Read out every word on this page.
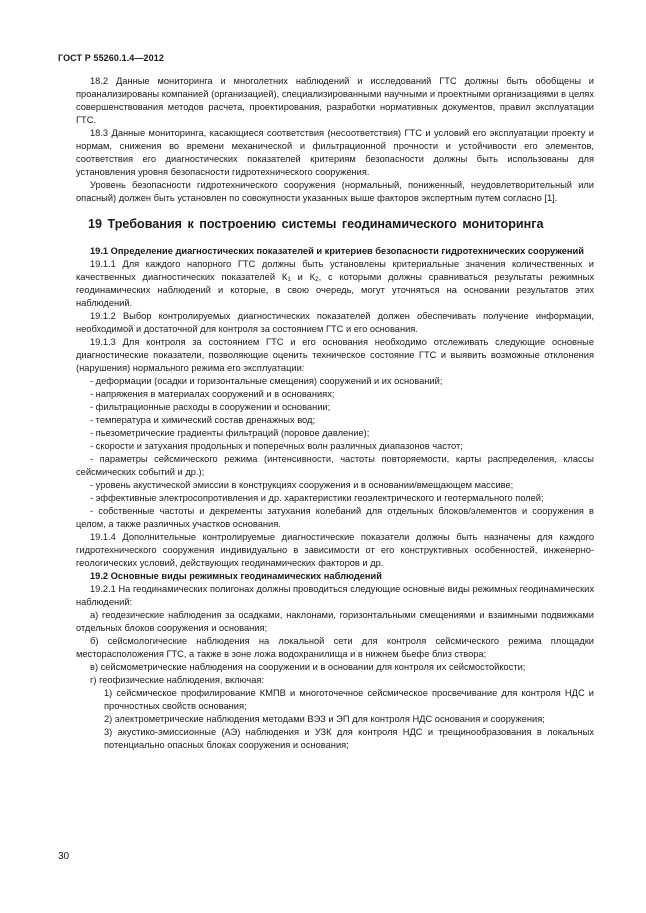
ГОСТ Р 55260.1.4—2012

18.2 Данные мониторинга и многолетних наблюдений и исследований ГТС должны быть обобщены и проанализированы компанией (организацией), специализированными научными и проектными организациями в целях совершенствования методов расчета, проектирования, разработки нормативных документов, правил эксплуатации ГТС.

18.3 Данные мониторинга, касающиеся соответствия (несоответствия) ГТС и условий его эксплуатации проекту и нормам, снижения во времени механической и фильтрационной прочности и устойчивости его элементов, соответствия его диагностических показателей критериям безопасности должны быть использованы для установления уровня безопасности гидротехнического сооружения.

Уровень безопасности гидротехнического сооружения (нормальный, пониженный, неудовлетворительный или опасный) должен быть установлен по совокупности указанных выше факторов экспертным путем согласно [1].

19 Требования к построению системы геодинамического мониторинга

19.1 Определение диагностических показателей и критериев безопасности гидротехнических сооружений

19.1.1 Для каждого напорного ГТС должны быть установлены критериальные значения количественных и качественных диагностических показателей $К_1$ и $К_2$, с которыми должны сравниваться результаты режимных геодинамических наблюдений и которые, в свою очередь, могут уточняться на основании результатов этих наблюдений.

19.1.2 Выбор контролируемых диагностических показателей должен обеспечивать получение информации, необходимой и достаточной для контроля за состоянием ГТС и его основания.

19.1.3 Для контроля за состоянием ГТС и его основания необходимо отслеживать следующие основные диагностические показатели, позволяющие оценить техническое состояние ГТС и выявить возможные отклонения (нарушения) нормального режима его эксплуатации:

- деформации (осадки и горизонтальные смещения) сооружений и их оснований;

- напряжения в материалах сооружений и в основаниях;

- фильтрационные расходы в сооружении и основании;

- температура и химический состав дренажных вод;

- пьезометрические градиенты фильтраций (поровое давление);

- скорости и затухания продольных и поперечных волн различных диапазонов частот;

- параметры сейсмического режима (интенсивности, частоты повторяемости, карты распределения, классы сейсмических событий и др.);

- уровень акустической эмиссии в конструкциях сооружения и в основании/вмещающем массиве;

- эффективные электросопротивления и др. характеристики геоэлектрического и геотермального полей;

- собственные частоты и декременты затухания колебаний для отдельных блоков/элементов и сооружения в целом, а также различных участков основания.

19.1.4 Дополнительные контролируемые диагностические показатели должны быть назначены для каждого гидротехнического сооружения индивидуально в зависимости от его конструктивных особенностей, инженерно-геологических условий, действующих геодинамических факторов и др.

19.2 Основные виды режимных геодинамических наблюдений

19.2.1 На геодинамических полигонах должны проводиться следующие основные виды режимных геодинамических наблюдений:

а) геодезические наблюдения за осадками, наклонами, горизонтальными смещениями и взаимными подвижками отдельных блоков сооружения и основания;

б) сейсмологические наблюдения на локальной сети для контроля сейсмического режима площадки месторасположения ГТС, а также в зоне ложа водохранилища и в нижнем бьефе близ створа;

в) сейсмометрические наблюдения на сооружении и в основании для контроля их сейсмостойкости;

г) геофизические наблюдения, включая:

1) сейсмическое профилирование КМПВ и многоточечное сейсмическое просвечивание для контроля НДС и прочностных свойств основания;

2) электрометрические наблюдения методами ВЭЗ и ЭП для контроля НДС основания и сооружения;

3) акустико-эмиссионные (АЭ) наблюдения и УЗК для контроля НДС и трещинообразования в локальных потенциально опасных блоках сооружения и основания;

30
